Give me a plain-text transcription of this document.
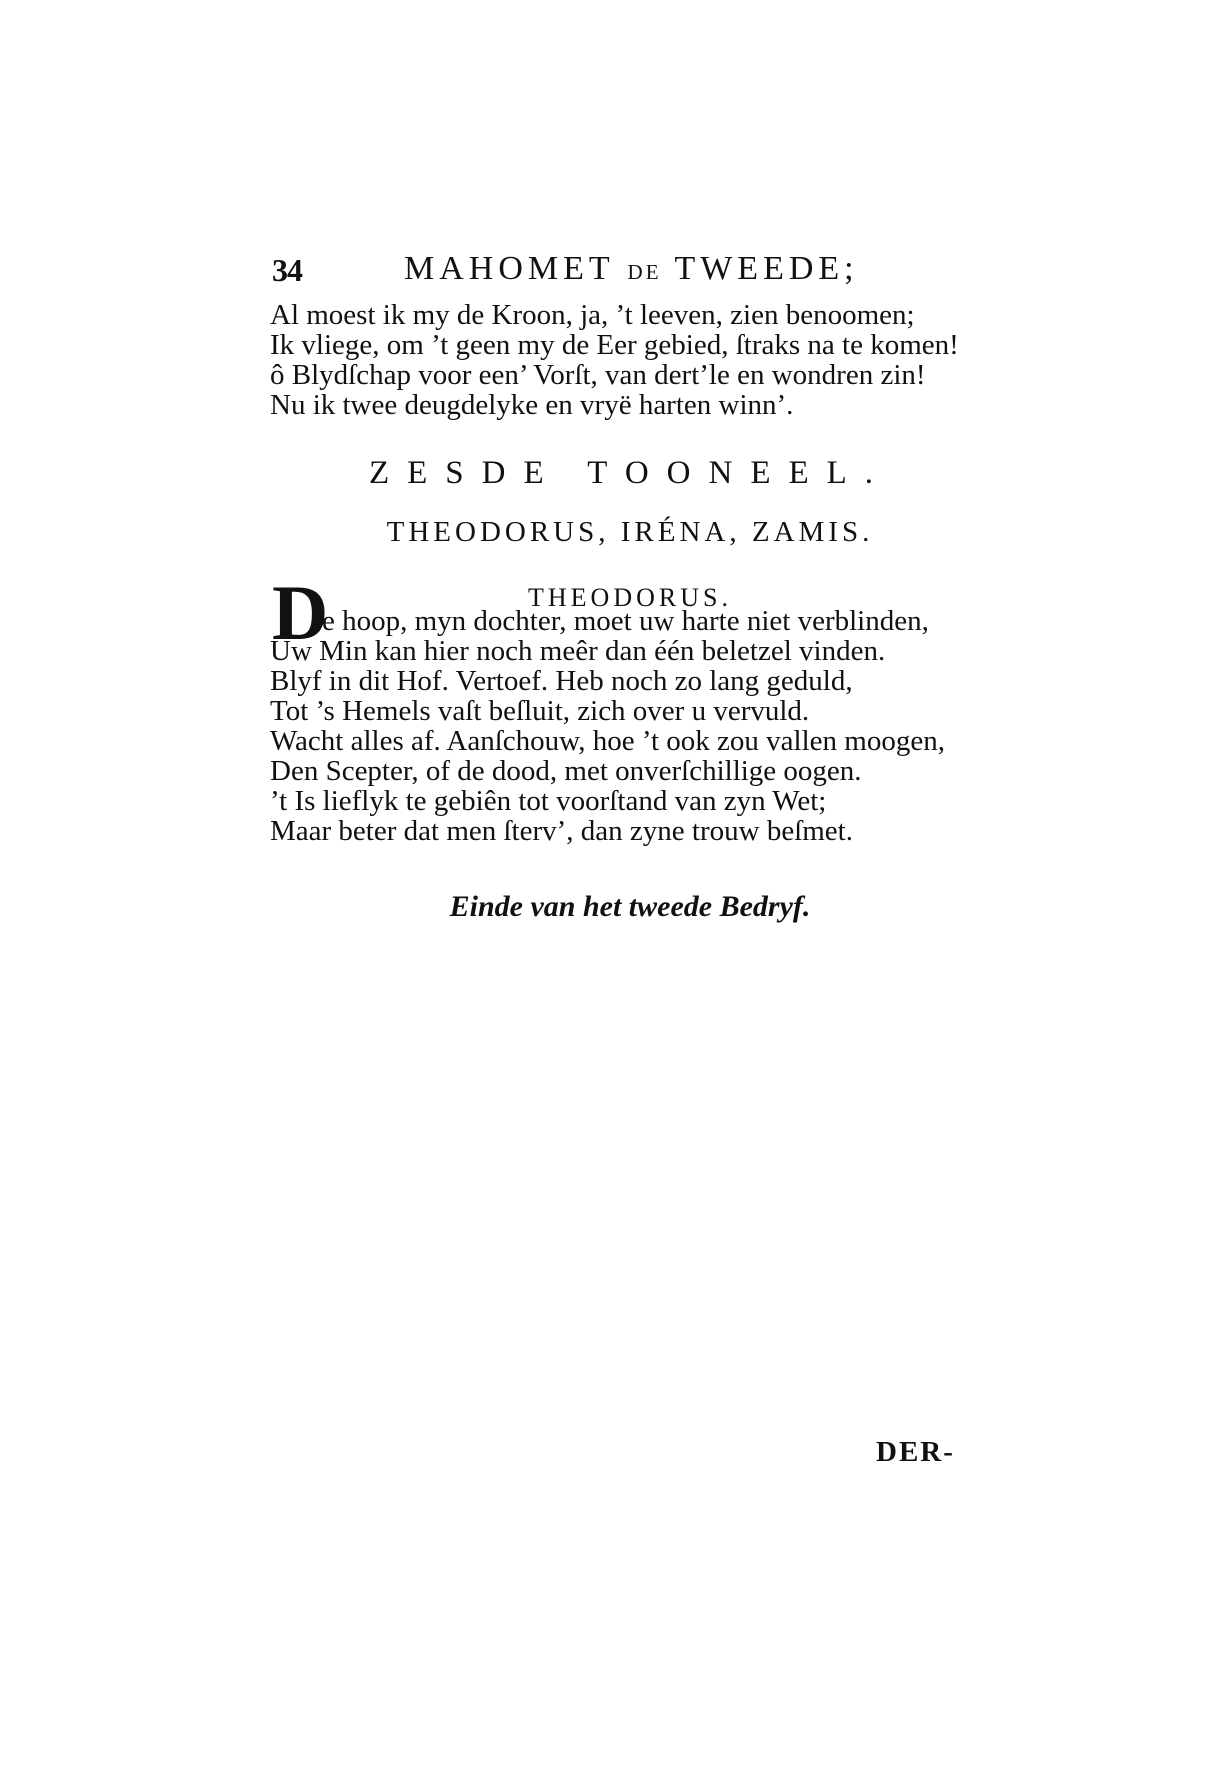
34	MAHOMET DE TWEEDE;
Al moest ik my de Kroon, ja, ’t leeven, zien benoomen;
Ik vliege, om ’t geen my de Eer gebied, ſtraks na te komen!
ô Blydſchap voor een’ Vorſt, van dert’le en wondren zin!
Nu ik twee deugdelyke en vryë harten winn’.
ZESDE TOONEEL.
THEODORUS, IRÉNA, ZAMIS.
THEODORUS.
D
e hoop, myn dochter, moet uw harte niet verblinden,
Uw Min kan hier noch meêr dan één beletzel vinden.
Blyf in dit Hof. Vertoef. Heb noch zo lang geduld,
Tot ’s Hemels vaſt beſluit, zich over u vervuld.
Wacht alles af. Aanſchouw, hoe ’t ook zou vallen moogen,
Den Scepter, of de dood, met onverſchillige oogen.
’t Is lieflyk te gebiên tot voorſtand van zyn Wet;
Maar beter dat men ſterv’, dan zyne trouw beſmet.
Einde van het tweede Bedryf.
DER-
